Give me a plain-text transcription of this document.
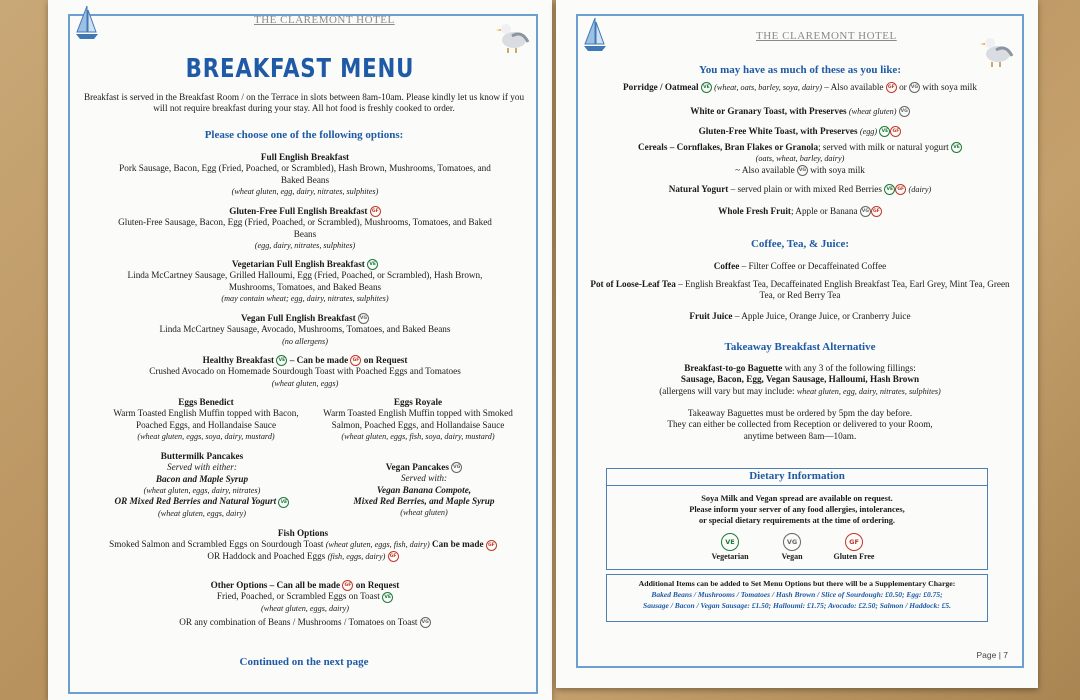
THE CLAREMONT HOTEL
BREAKFAST MENU
Breakfast is served in the Breakfast Room / on the Terrace in slots between 8am-10am. Please kindly let us know if you will not require breakfast during your stay. All hot food is freshly cooked to order.
Please choose one of the following options:
Full English Breakfast
Pork Sausage, Bacon, Egg (Fried, Poached, or Scrambled), Hash Brown, Mushrooms, Tomatoes, and Baked Beans
(wheat gluten, egg, dairy, nitrates, sulphites)
Gluten-Free Full English Breakfast GF
Gluten-Free Sausage, Bacon, Egg (Fried, Poached, or Scrambled), Mushrooms, Tomatoes, and Baked Beans
(egg, dairy, nitrates, sulphites)
Vegetarian Full English Breakfast VE
Linda McCartney Sausage, Grilled Halloumi, Egg (Fried, Poached, or Scrambled), Hash Brown, Mushrooms, Tomatoes, and Baked Beans
(may contain wheat; egg, dairy, nitrates, sulphites)
Vegan Full English Breakfast VG
Linda McCartney Sausage, Avocado, Mushrooms, Tomatoes, and Baked Beans
(no allergens)
Healthy Breakfast VE – Can be made GF on Request
Crushed Avocado on Homemade Sourdough Toast with Poached Eggs and Tomatoes
(wheat gluten, eggs)
Eggs Benedict
Warm Toasted English Muffin topped with Bacon, Poached Eggs, and Hollandaise Sauce
(wheat gluten, eggs, soya, dairy, mustard)
Eggs Royale
Warm Toasted English Muffin topped with Smoked Salmon, Poached Eggs, and Hollandaise Sauce
(wheat gluten, eggs, fish, soya, dairy, mustard)
Buttermilk Pancakes
Served with either:
Bacon and Maple Syrup
(wheat gluten, eggs, dairy, nitrates)
OR Mixed Red Berries and Natural Yogurt VE
(wheat gluten, eggs, dairy)
Vegan Pancakes VG
Served with:
Vegan Banana Compote,
Mixed Red Berries, and Maple Syrup
(wheat gluten)
Fish Options
Smoked Salmon and Scrambled Eggs on Sourdough Toast (wheat gluten, eggs, fish, dairy) Can be made GF
OR Haddock and Poached Eggs (fish, eggs, dairy) GF
Other Options – Can all be made GF on Request
Fried, Poached, or Scrambled Eggs on Toast VE
(wheat gluten, eggs, dairy)
OR any combination of Beans / Mushrooms / Tomatoes on Toast VG
Continued on the next page
THE CLAREMONT HOTEL
You may have as much of these as you like:
Porridge / Oatmeal VE (wheat, oats, barley, soya, dairy) – Also available GF or VG with soya milk
White or Granary Toast, with Preserves (wheat gluten) VG
Gluten-Free White Toast, with Preserves (egg) VE GF
Cereals – Cornflakes, Bran Flakes or Granola; served with milk or natural yogurt VE
(oats, wheat, barley, dairy)
~ Also available VG with soya milk
Natural Yogurt – served plain or with mixed Red Berries VE GF (dairy)
Whole Fresh Fruit; Apple or Banana VG GF
Coffee, Tea, & Juice:
Coffee – Filter Coffee or Decaffeinated Coffee
Pot of Loose-Leaf Tea – English Breakfast Tea, Decaffeinated English Breakfast Tea, Earl Grey, Mint Tea, Green Tea, or Red Berry Tea
Fruit Juice – Apple Juice, Orange Juice, or Cranberry Juice
Takeaway Breakfast Alternative
Breakfast-to-go Baguette with any 3 of the following fillings:
Sausage, Bacon, Egg, Vegan Sausage, Halloumi, Hash Brown
(allergens will vary but may include: wheat gluten, egg, dairy, nitrates, sulphites)
Takeaway Baguettes must be ordered by 5pm the day before.
They can either be collected from Reception or delivered to your Room,
anytime between 8am—10am.
Dietary Information
Soya Milk and Vegan spread are available on request.
Please inform your server of any food allergies, intolerances,
or special dietary requirements at the time of ordering.
VE
Vegetarian
VG
Vegan
GF
Gluten Free
Additional Items can be added to Set Menu Options but there will be a Supplementary Charge:
Baked Beans / Mushrooms / Tomatoes / Hash Brown / Slice of Sourdough: £0.50; Egg: £0.75;
Sausage / Bacon / Vegan Sausage: £1.50; Halloumi: £1.75; Avocado: £2.50; Salmon / Haddock: £5.
Page | 7
